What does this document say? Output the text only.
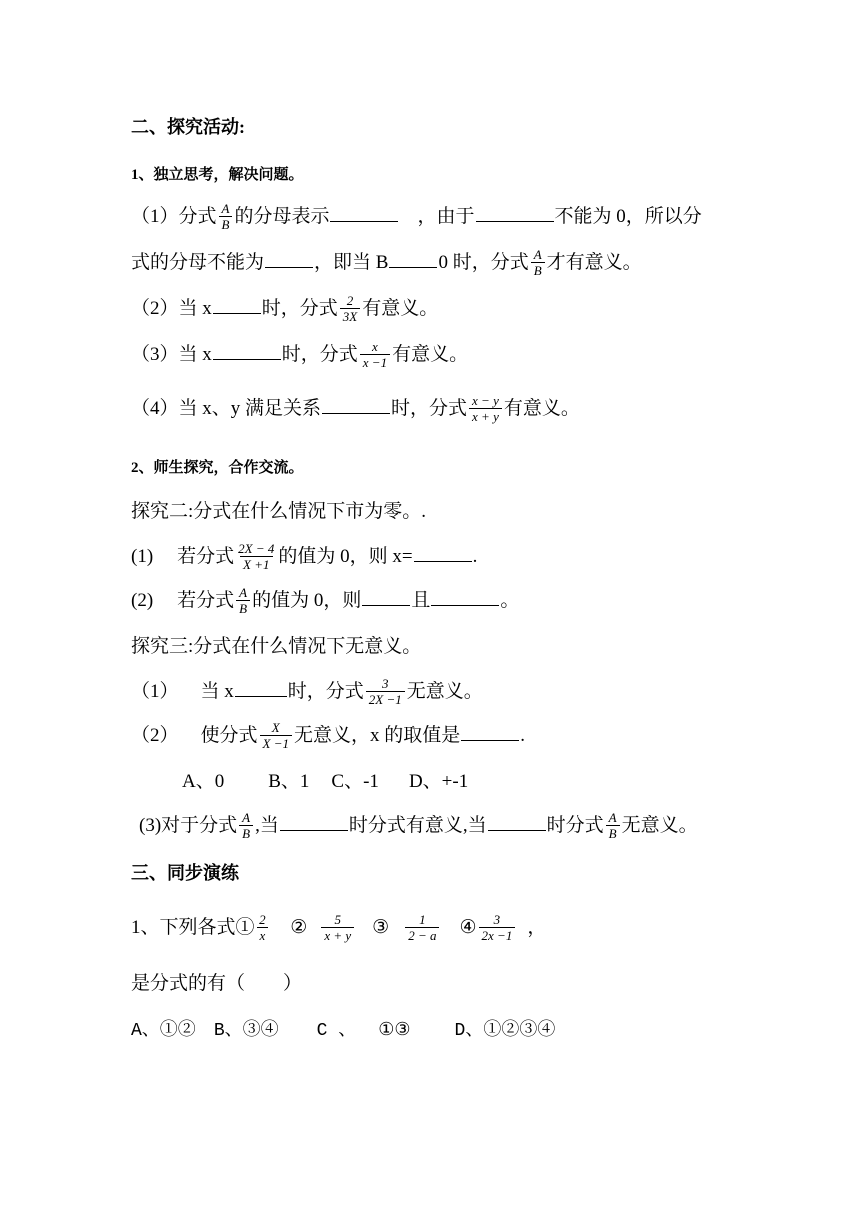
二、探究活动:
1、独立思考，解决问题。
（1）分式 $\frac{A}{B}$ 的分母表示	，由于	不能为 0，所以分
式的分母不能为	，即当 B	0 时，分式 $\frac{A}{B}$ 才有意义。
（2）当 x	时，分式 $\frac{2}{3X}$ 有意义。
（3）当 x	时，分式 $\frac{x}{x -1}$ 有意义。
（4）当 x、y 满足关系	时，分式 $\frac{x - y}{x + y}$ 有意义。
2、师生探究，合作交流。
探究二:分式在什么情况下市为零。.
(1) 若分式 $\frac{2X - 4}{X +1}$ 的值为 0，则 x=	.
(2) 若分式 $\frac{A}{B}$ 的值为 0，则	且	。
探究三:分式在什么情况下无意义。
（1） 当 x	时，分式 $\frac{3}{2X -1}$ 无意义。
（2） 使分式 $\frac{X}{X -1}$ 无意义，x 的取值是	.
A、0 B、1 C、-1 D、+-1
(3)对于分式 $\frac{A}{B}$ ,当	时分式有意义,当	时分式 $\frac{A}{B}$ 无意义。
三、同步演练
1、下列各式① $\frac{2}{x}$ ② $\frac{5}{x + y}$ ③ $\frac{1}{2 - a}$ ④ $\frac{3}{2x -1}$ ，
是分式的有（　　）
A、①② B、③④ C 、 ①③ D、①②③④
